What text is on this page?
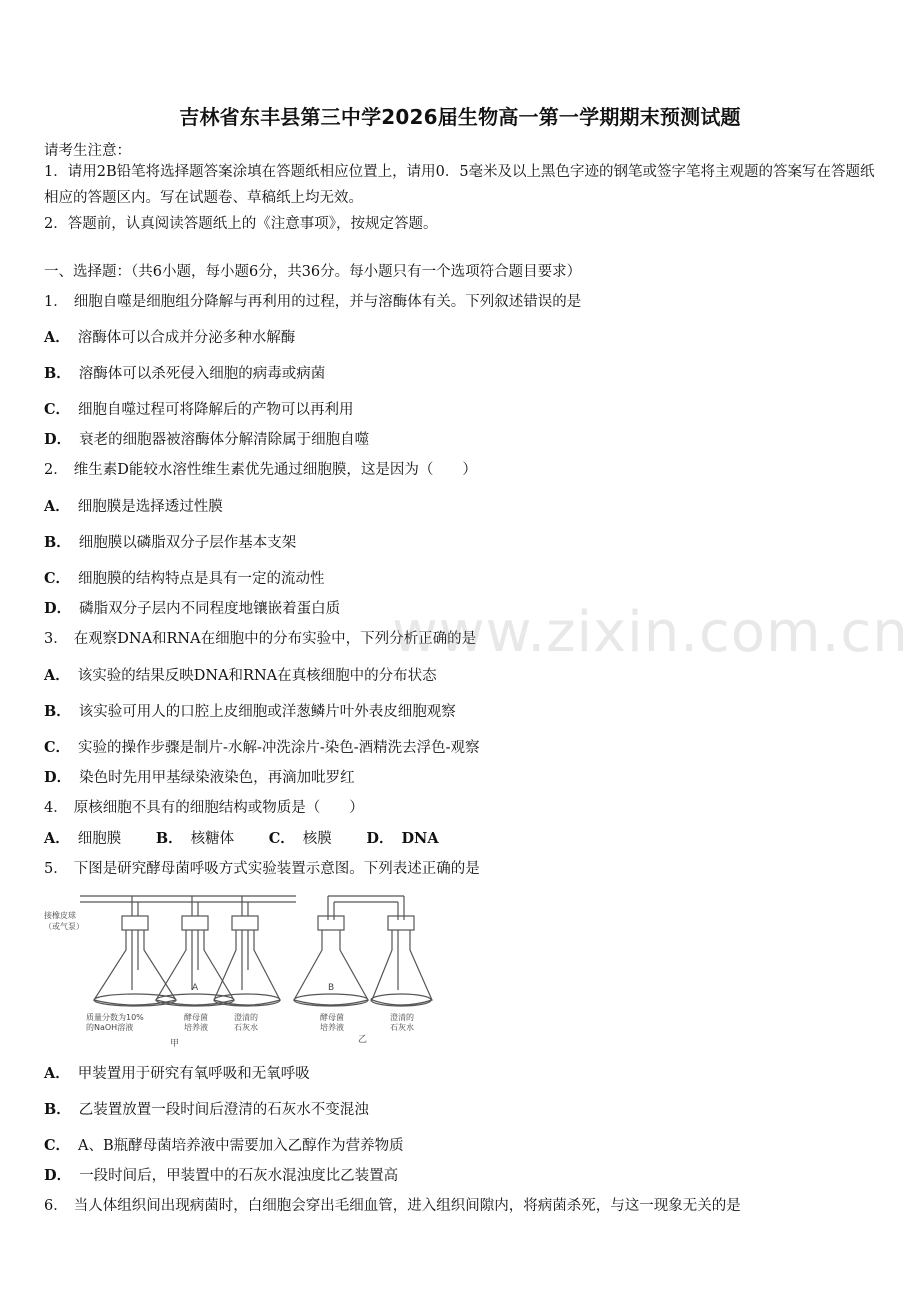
吉林省东丰县第三中学2026届生物高一第一学期期末预测试题
请考生注意：
1．请用2B铅笔将选择题答案涂填在答题纸相应位置上，请用0．5毫米及以上黑色字迹的钢笔或签字笔将主观题的答案写在答题纸相应的答题区内。写在试题卷、草稿纸上均无效。
2．答题前，认真阅读答题纸上的《注意事项》，按规定答题。
一、选择题：（共6小题，每小题6分，共36分。每小题只有一个选项符合题目要求）
1． 细胞自噬是细胞组分降解与再利用的过程，并与溶酶体有关。下列叙述错误的是
A． 溶酶体可以合成并分泌多种水解酶
B． 溶酶体可以杀死侵入细胞的病毒或病菌
C． 细胞自噬过程可将降解后的产物可以再利用
D． 衰老的细胞器被溶酶体分解清除属于细胞自噬
2． 维生素D能较水溶性维生素优先通过细胞膜，这是因为（　　）
A． 细胞膜是选择透过性膜
B． 细胞膜以磷脂双分子层作基本支架
C． 细胞膜的结构特点是具有一定的流动性
D． 磷脂双分子层内不同程度地镶嵌着蛋白质
3． 在观察DNA和RNA在细胞中的分布实验中，下列分析正确的是
A． 该实验的结果反映DNA和RNA在真核细胞中的分布状态
B． 该实验可用人的口腔上皮细胞或洋葱鳞片叶外表皮细胞观察
C． 实验的操作步骤是制片-水解-冲洗涂片-染色-酒精洗去浮色-观察
D． 染色时先用甲基绿染液染色，再滴加吡罗红
4． 原核细胞不具有的细胞结构或物质是（　　）
A． 细胞膜 B． 核糖体 C． 核膜 D． DNA
5． 下图是研究酵母菌呼吸方式实验装置示意图。下列表述正确的是
接橡皮球
（或气泵）
A	B
质量分数为10%
的NaOH溶液
酵母菌
培养液
澄清的
石灰水
酵母菌
培养液
澄清的
石灰水
甲	乙
A． 甲装置用于研究有氧呼吸和无氧呼吸
B． 乙装置放置一段时间后澄清的石灰水不变混浊
C． A、B瓶酵母菌培养液中需要加入乙醇作为营养物质
D． 一段时间后，甲装置中的石灰水混浊度比乙装置高
6． 当人体组织间出现病菌时，白细胞会穿出毛细血管，进入组织间隙内，将病菌杀死，与这一现象无关的是
www.zixin.com.cn
